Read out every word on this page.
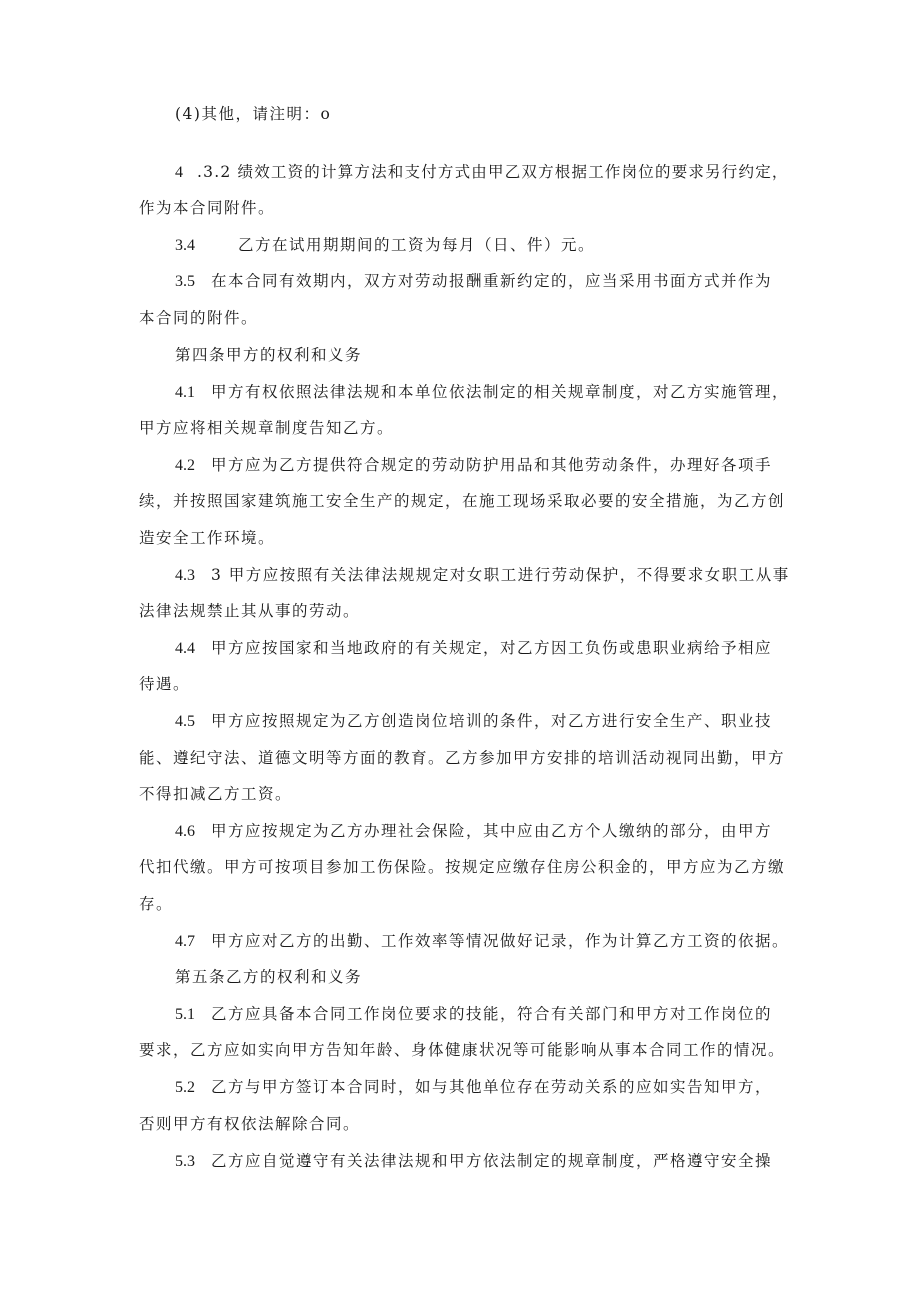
(4)其他，请注明：o
4 .3.2 绩效工资的计算方法和支付方式由甲乙双方根据工作岗位的要求另行约定，
作为本合同附件。
3.4	乙方在试用期期间的工资为每月（日、件）元。
3.5 在本合同有效期内，双方对劳动报酬重新约定的，应当采用书面方式并作为
本合同的附件。
第四条甲方的权利和义务
4.1 甲方有权依照法律法规和本单位依法制定的相关规章制度，对乙方实施管理，
甲方应将相关规章制度告知乙方。
4.2 甲方应为乙方提供符合规定的劳动防护用品和其他劳动条件，办理好各项手
续，并按照国家建筑施工安全生产的规定，在施工现场采取必要的安全措施，为乙方创
造安全工作环境。
4.3 3 甲方应按照有关法律法规规定对女职工进行劳动保护，不得要求女职工从事
法律法规禁止其从事的劳动。
4.4 甲方应按国家和当地政府的有关规定，对乙方因工负伤或患职业病给予相应
待遇。
4.5 甲方应按照规定为乙方创造岗位培训的条件，对乙方进行安全生产、职业技
能、遵纪守法、道德文明等方面的教育。乙方参加甲方安排的培训活动视同出勤，甲方
不得扣减乙方工资。
4.6 甲方应按规定为乙方办理社会保险，其中应由乙方个人缴纳的部分，由甲方
代扣代缴。甲方可按项目参加工伤保险。按规定应缴存住房公积金的，甲方应为乙方缴
存。
4.7 甲方应对乙方的出勤、工作效率等情况做好记录，作为计算乙方工资的依据。
第五条乙方的权利和义务
5.1 乙方应具备本合同工作岗位要求的技能，符合有关部门和甲方对工作岗位的
要求，乙方应如实向甲方告知年龄、身体健康状况等可能影响从事本合同工作的情况。
5.2 乙方与甲方签订本合同时，如与其他单位存在劳动关系的应如实告知甲方，
否则甲方有权依法解除合同。
5.3 乙方应自觉遵守有关法律法规和甲方依法制定的规章制度，严格遵守安全操
